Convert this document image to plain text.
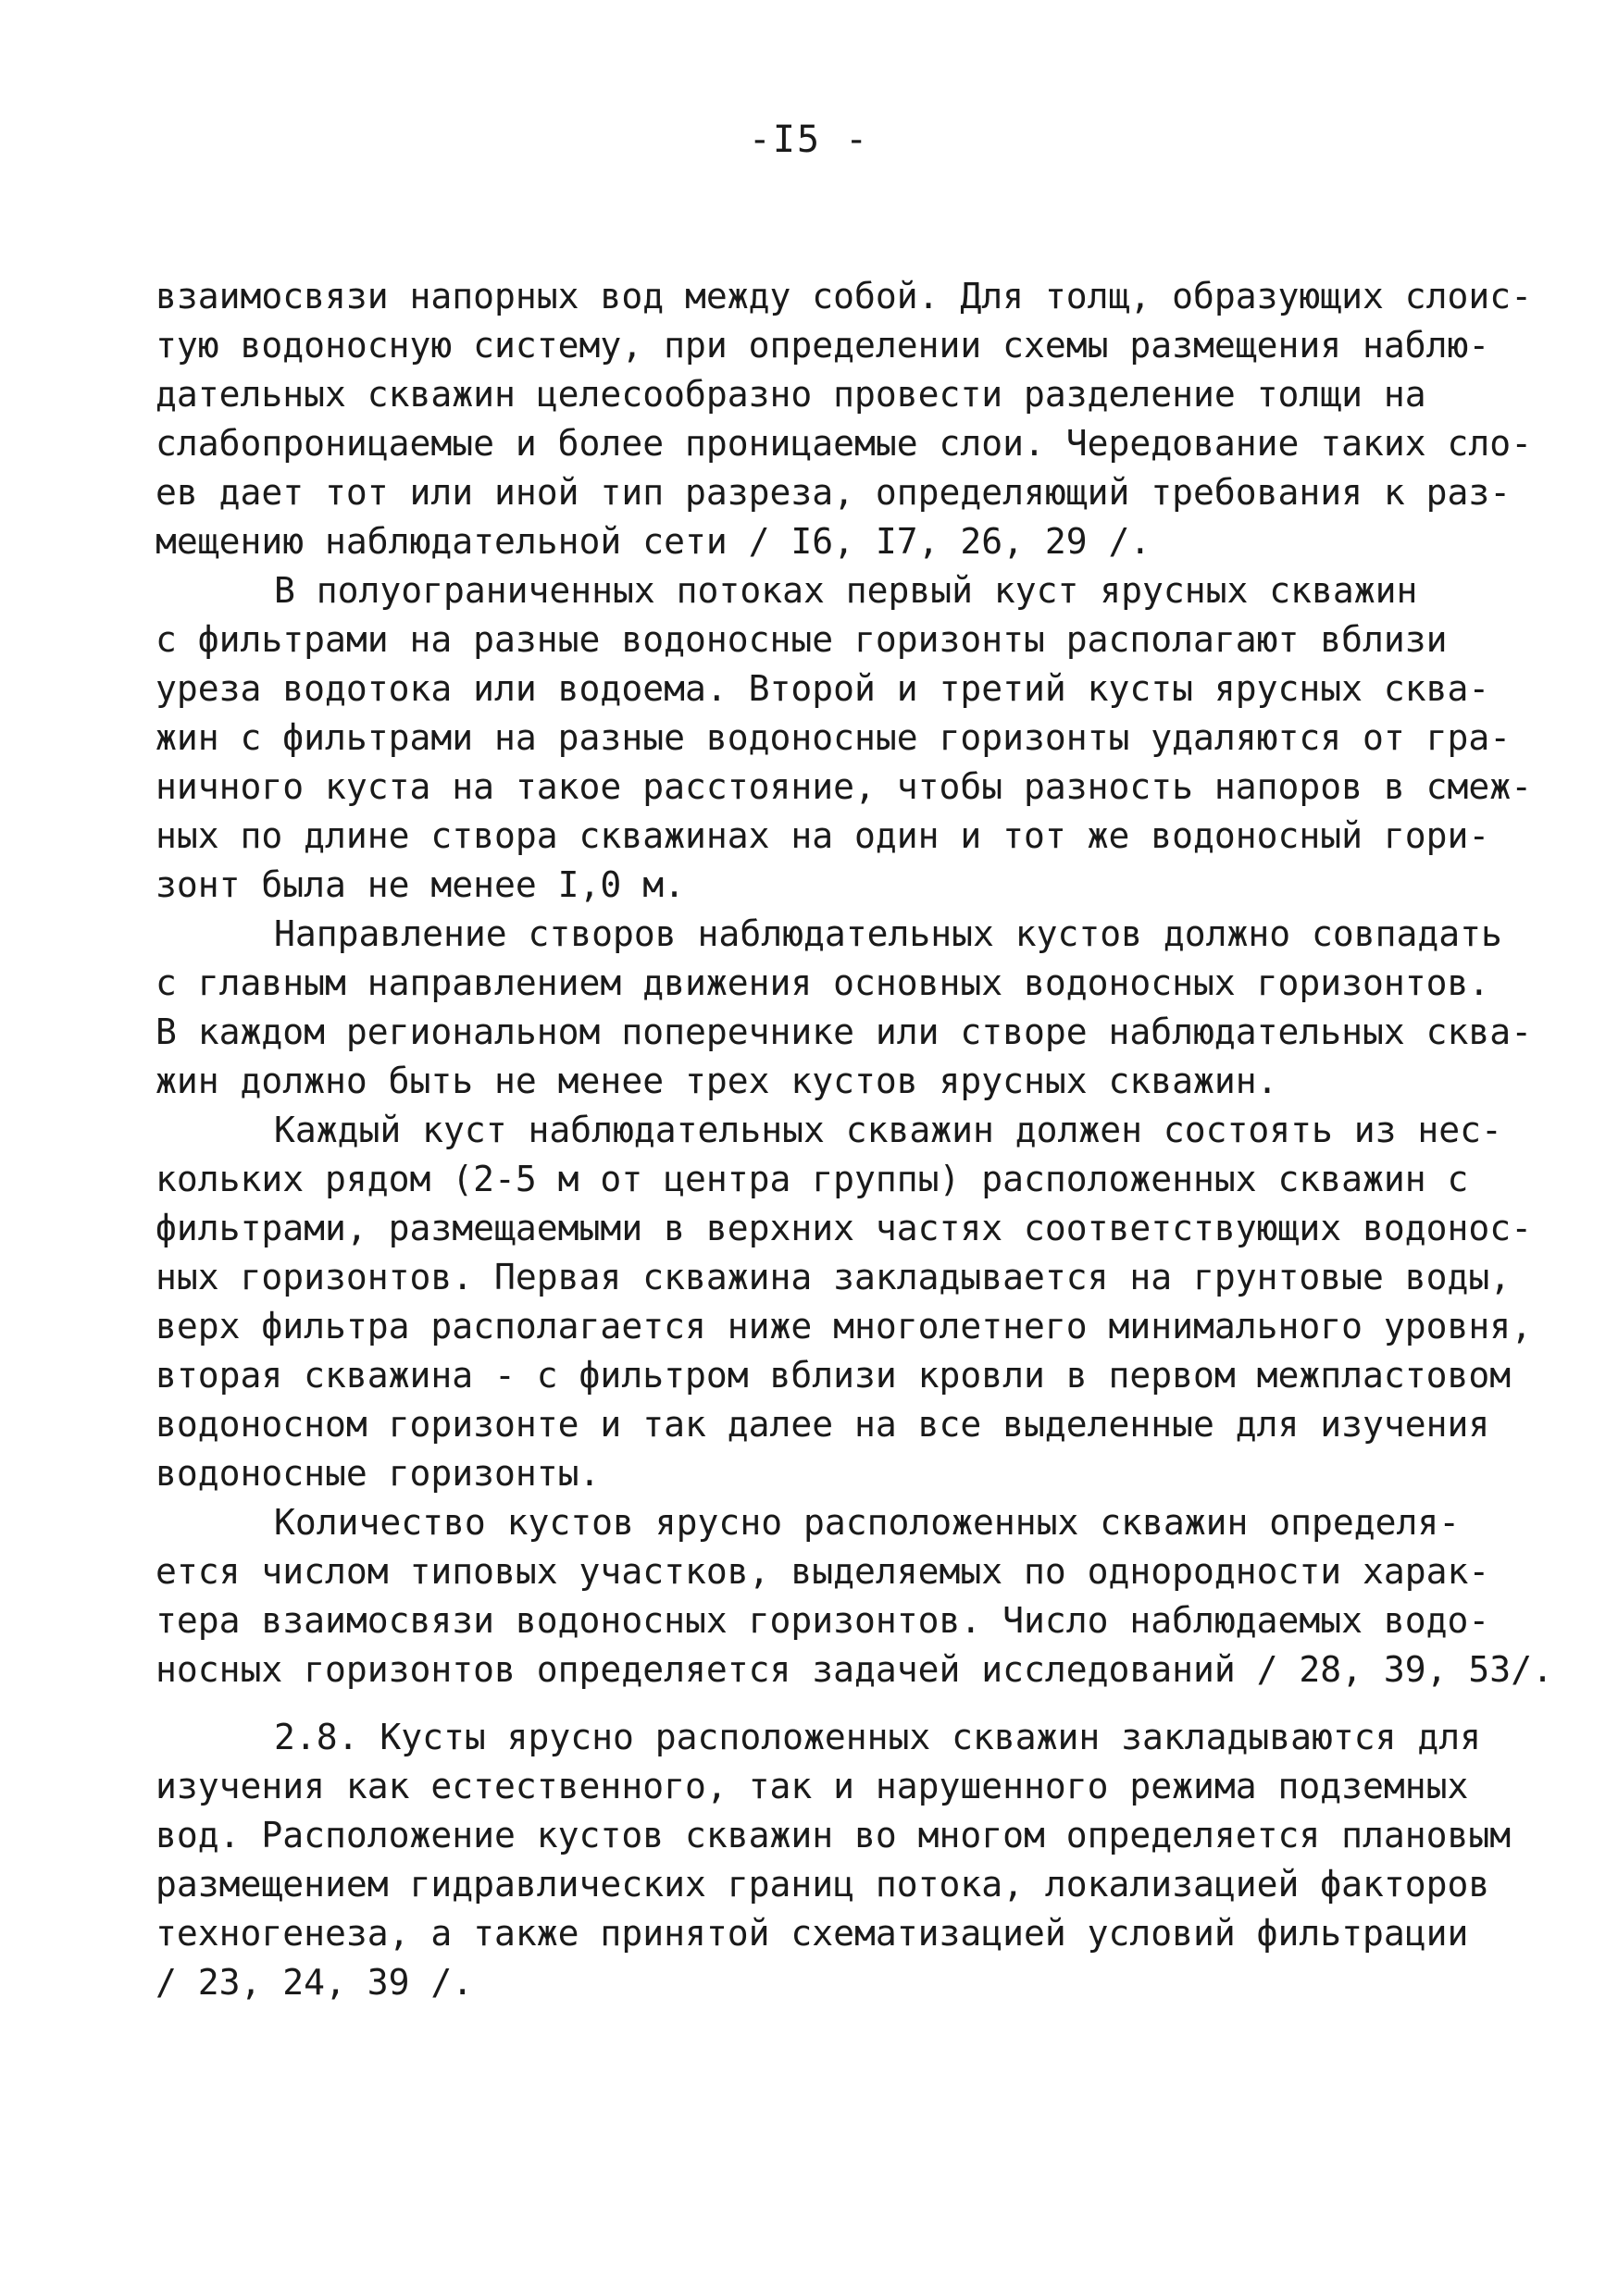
-I5 -
взаимосвязи напорных вод между собой. Для толщ, образующих слоис-
тую водоносную систему, при определении схемы размещения наблю-
дательных скважин целесообразно провести разделение толщи на
слабопроницаемые и более проницаемые слои. Чередование таких сло-
ев дает тот или иной тип разреза, определяющий требования к раз-
мещению наблюдательной сети / I6, I7, 26, 29 /.
В полуограниченных потоках первый куст ярусных скважин
с фильтрами на разные водоносные горизонты располагают вблизи
уреза водотока или водоема. Второй и третий кусты ярусных сква-
жин с фильтрами на разные водоносные горизонты удаляются от гра-
ничного куста на такое расстояние, чтобы разность напоров в смеж-
ных по длине створа скважинах на один и тот же водоносный гори-
зонт была не менее I,0 м.
Направление створов наблюдательных кустов должно совпадать
с главным направлением движения основных водоносных горизонтов.
В каждом региональном поперечнике или створе наблюдательных сква-
жин должно быть не менее трех кустов ярусных скважин.
Каждый куст наблюдательных скважин должен состоять из нес-
кольких рядом (2-5 м от центра группы) расположенных скважин с
фильтрами, размещаемыми в верхних частях соответствующих водонос-
ных горизонтов. Первая скважина закладывается на грунтовые воды,
верх фильтра располагается ниже многолетнего минимального уровня,
вторая скважина - с фильтром вблизи кровли в первом межпластовом
водоносном горизонте и так далее на все выделенные для изучения
водоносные горизонты.
Количество кустов ярусно расположенных скважин определя-
ется числом типовых участков, выделяемых по однородности харак-
тера взаимосвязи водоносных горизонтов. Число наблюдаемых водо-
носных горизонтов определяется задачей исследований / 28, 39, 53/.
2.8. Кусты ярусно расположенных скважин закладываются для
изучения как естественного, так и нарушенного режима подземных
вод. Расположение кустов скважин во многом определяется плановым
размещением гидравлических границ потока, локализацией факторов
техногенеза, а также принятой схематизацией условий фильтрации
/ 23, 24, 39 /.
